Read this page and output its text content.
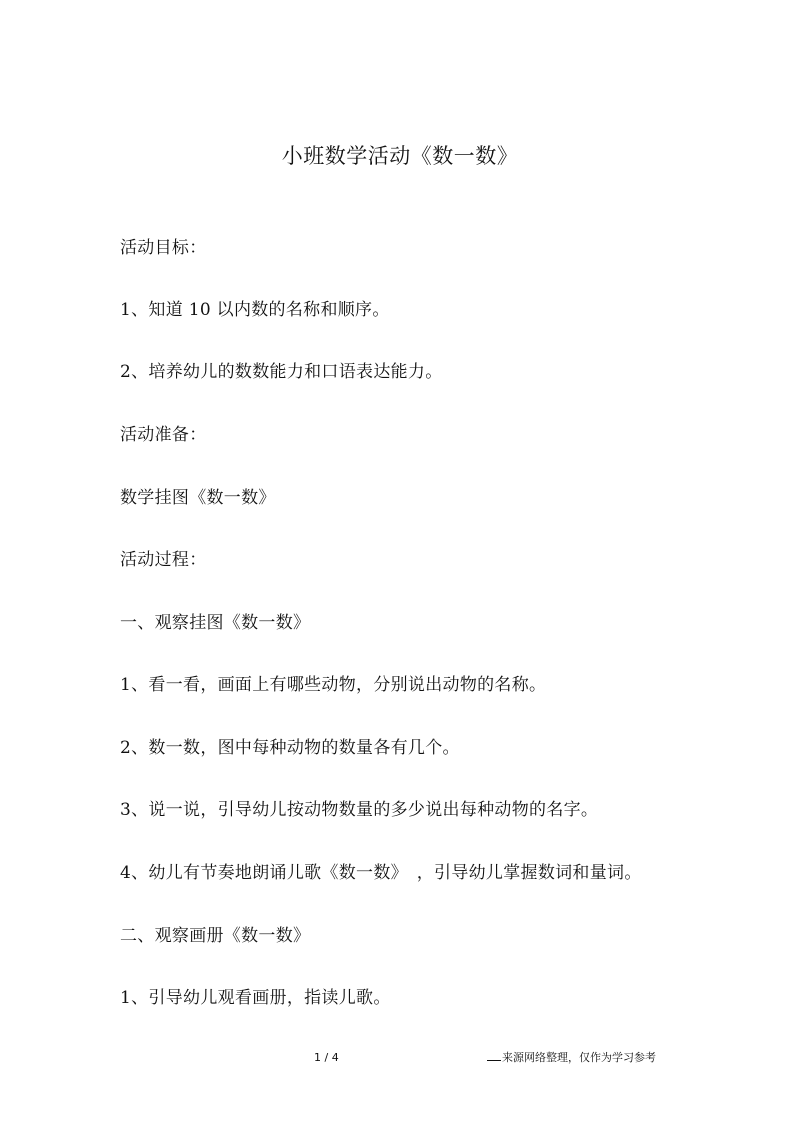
小班数学活动《数一数》
活动目标：
1、知道 10 以内数的名称和顺序。
2、培养幼儿的数数能力和口语表达能力。
活动准备：
数学挂图《数一数》
活动过程：
一、观察挂图《数一数》
1、看一看，画面上有哪些动物，分别说出动物的名称。
2、数一数，图中每种动物的数量各有几个。
3、说一说，引导幼儿按动物数量的多少说出每种动物的名字。
4、幼儿有节奏地朗诵儿歌《数一数》　，引导幼儿掌握数词和量词。
二、观察画册《数一数》
1、引导幼儿观看画册，指读儿歌。
1 / 4	来源网络整理，仅作为学习参考
